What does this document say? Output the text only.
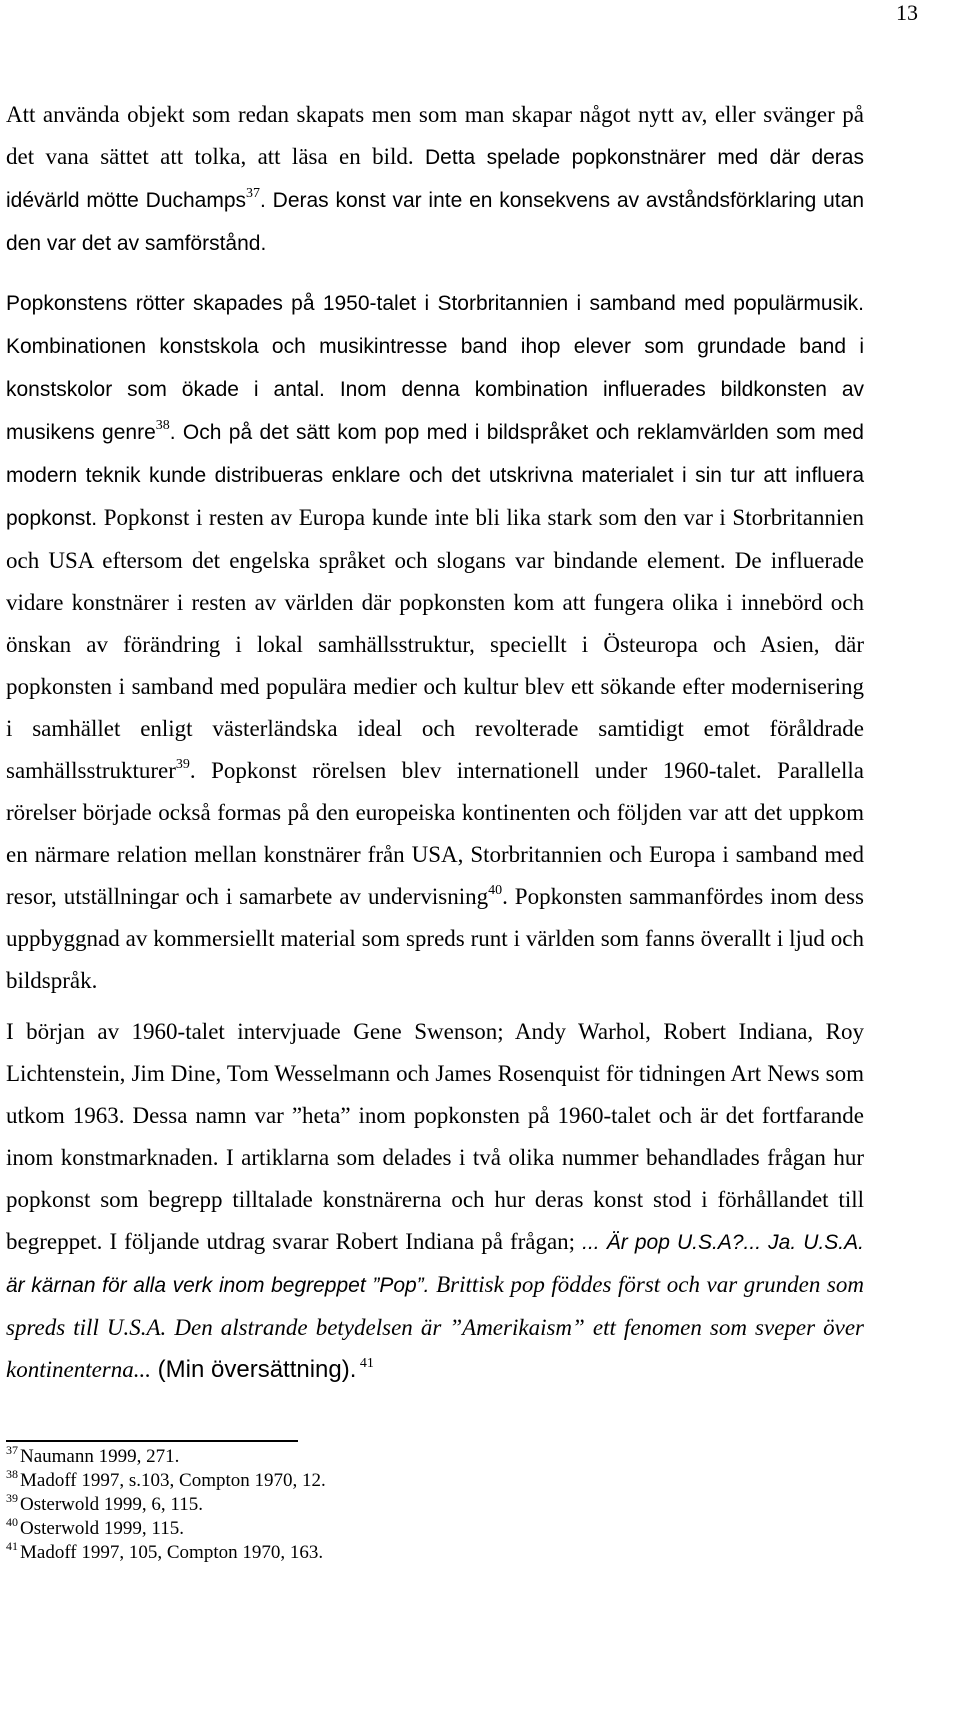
13

Att använda objekt som redan skapats men som man skapar något nytt av, eller svänger på det vana sättet att tolka, att läsa en bild. Detta spelade popkonstnärer med där deras idévärld mötte Duchamps$^{37}$. Deras konst var inte en konsekvens av avståndsförklaring utan den var det av samförstånd.

Popkonstens rötter skapades på 1950-talet i Storbritannien i samband med populärmusik. Kombinationen konstskola och musikintresse band ihop elever som grundade band i konstskolor som ökade i antal. Inom denna kombination influerades bildkonsten av musikens genre$^{38}$. Och på det sätt kom pop med i bildspråket och reklamvärlden som med modern teknik kunde distribueras enklare och det utskrivna materialet i sin tur att influera popkonst. Popkonst i resten av Europa kunde inte bli lika stark som den var i Storbritannien och USA eftersom det engelska språket och slogans var bindande element. De influerade vidare konstnärer i resten av världen där popkonsten kom att fungera olika i innebörd och önskan av förändring i lokal samhällsstruktur, speciellt i Östeuropa och Asien, där popkonsten i samband med populära medier och kultur blev ett sökande efter modernisering i samhället enligt västerländska ideal och revolterade samtidigt emot föråldrade samhällsstrukturer$^{39}$. Popkonst rörelsen blev internationell under 1960-talet. Parallella rörelser började också formas på den europeiska kontinenten och följden var att det uppkom en närmare relation mellan konstnärer från USA, Storbritannien och Europa i samband med resor, utställningar och i samarbete av undervisning$^{40}$. Popkonsten sammanfördes inom dess uppbyggnad av kommersiellt material som spreds runt i världen som fanns överallt i ljud och bildspråk.

I början av 1960-talet intervjuade Gene Swenson; Andy Warhol, Robert Indiana, Roy Lichtenstein, Jim Dine, Tom Wesselmann och James Rosenquist för tidningen Art News som utkom 1963. Dessa namn var ”heta” inom popkonsten på 1960-talet och är det fortfarande inom konstmarknaden. I artiklarna som delades i två olika nummer behandlades frågan hur popkonst som begrepp tilltalade konstnärerna och hur deras konst stod i förhållandet till begreppet. I följande utdrag svarar Robert Indiana på frågan; ... Är pop U.S.A?... Ja. U.S.A. är kärnan för alla verk inom begreppet ”Pop”. Brittisk pop föddes först och var grunden som spreds till U.S.A. Den alstrande betydelsen är ”Amerikaism” ett fenomen som sveper över kontinenterna... (Min översättning). $^{41}$

$^{37}$ Naumann 1999, 271.
$^{38}$ Madoff 1997, s.103, Compton 1970, 12.
$^{39}$ Osterwold 1999, 6, 115.
$^{40}$ Osterwold 1999, 115.
$^{41}$ Madoff 1997, 105, Compton 1970, 163.
